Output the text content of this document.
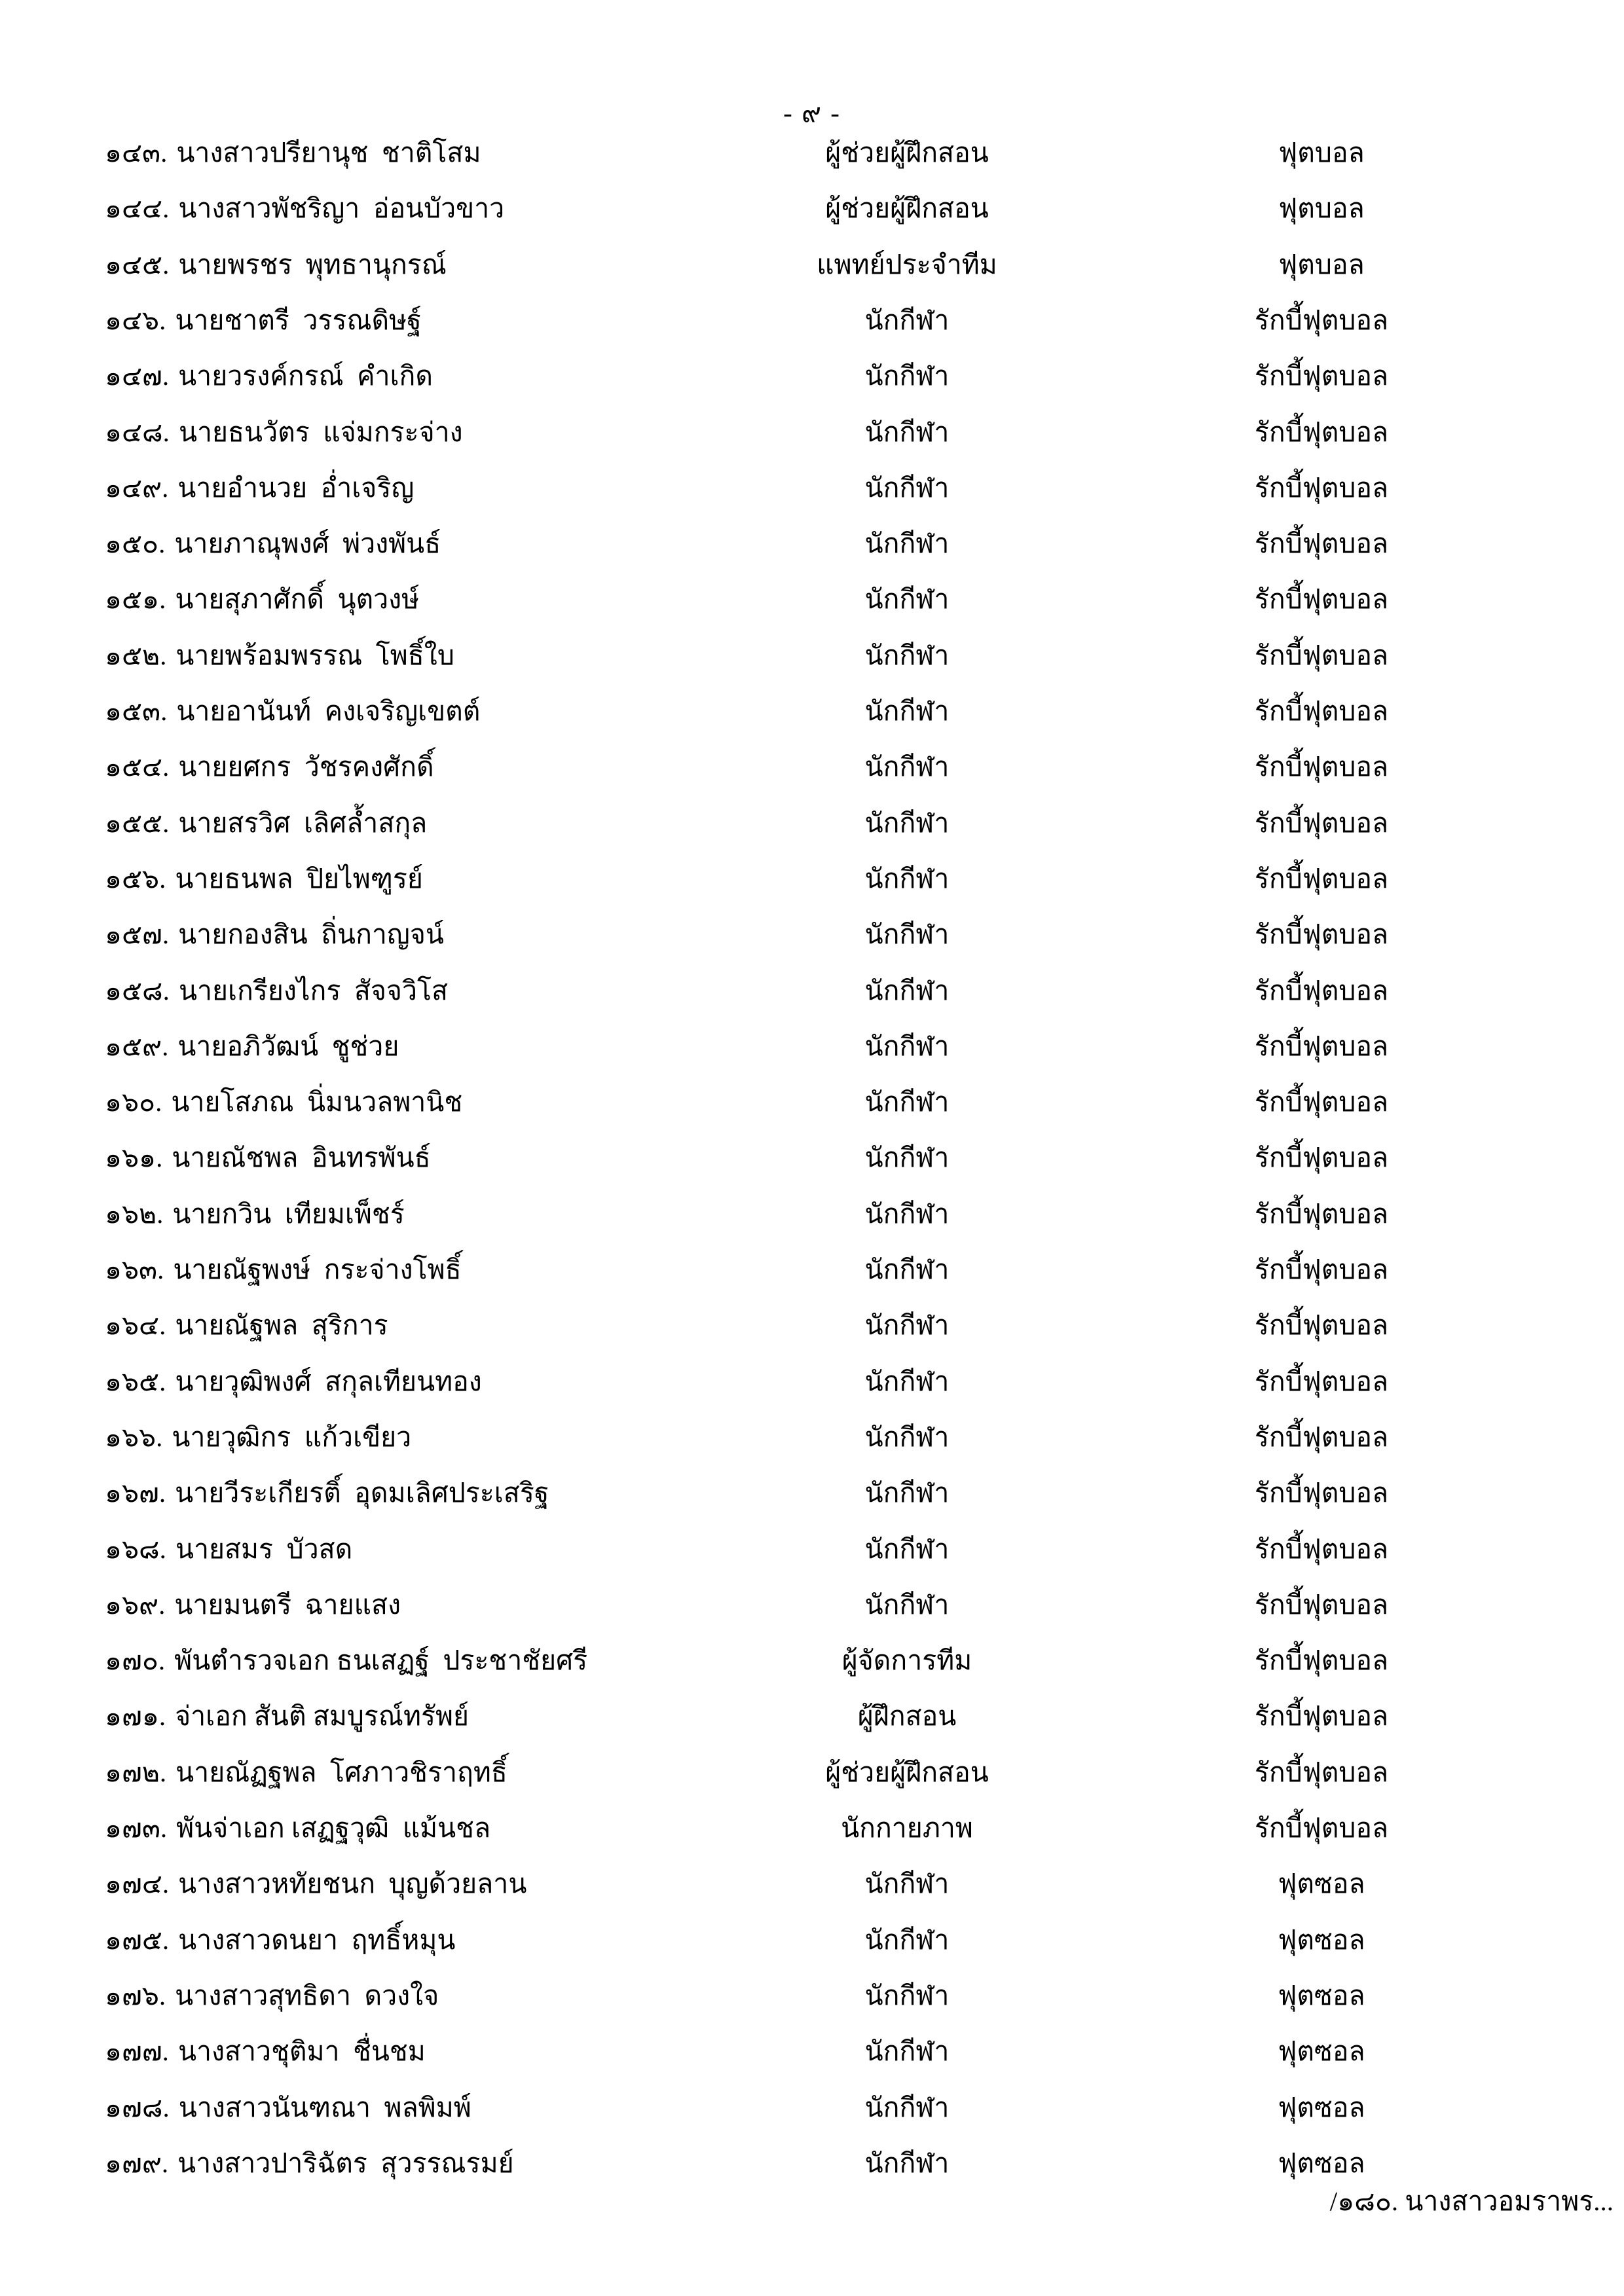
- ๙ -
๑๔๓. นางสาวปรียานุช  ชาติโสม	ผู้ช่วยผู้ฝึกสอน	ฟุตบอล
๑๔๔. นางสาวพัชริญา  อ่อนบัวขาว	ผู้ช่วยผู้ฝึกสอน	ฟุตบอล
๑๔๕. นายพรชร  พุทธานุกรณ์	แพทย์ประจำทีม	ฟุตบอล
๑๔๖. นายชาตรี  วรรณดิษฐ์	นักกีฬา	รักบี้ฟุตบอล
๑๔๗. นายวรงค์กรณ์  คำเกิด	นักกีฬา	รักบี้ฟุตบอล
๑๔๘. นายธนวัตร  แจ่มกระจ่าง	นักกีฬา	รักบี้ฟุตบอล
๑๔๙. นายอำนวย  อ่ำเจริญ	นักกีฬา	รักบี้ฟุตบอล
๑๕๐. นายภาณุพงศ์  พ่วงพันธ์	นักกีฬา	รักบี้ฟุตบอล
๑๕๑. นายสุภาศักดิ์  นุตวงษ์	นักกีฬา	รักบี้ฟุตบอล
๑๕๒. นายพร้อมพรรณ  โพธิ์ใบ	นักกีฬา	รักบี้ฟุตบอล
๑๕๓. นายอานันท์  คงเจริญเขตต์	นักกีฬา	รักบี้ฟุตบอล
๑๕๔. นายยศกร  วัชรคงศักดิ์	นักกีฬา	รักบี้ฟุตบอล
๑๕๕. นายสรวิศ  เลิศล้ำสกุล	นักกีฬา	รักบี้ฟุตบอล
๑๕๖. นายธนพล  ปิยไพฑูรย์	นักกีฬา	รักบี้ฟุตบอล
๑๕๗. นายกองสิน  ถิ่นกาญจน์	นักกีฬา	รักบี้ฟุตบอล
๑๕๘. นายเกรียงไกร  สัจจวิโส	นักกีฬา	รักบี้ฟุตบอล
๑๕๙. นายอภิวัฒน์  ชูช่วย	นักกีฬา	รักบี้ฟุตบอล
๑๖๐. นายโสภณ  นิ่มนวลพานิช	นักกีฬา	รักบี้ฟุตบอล
๑๖๑. นายณัชพล  อินทรพันธ์	นักกีฬา	รักบี้ฟุตบอล
๑๖๒. นายกวิน  เทียมเพ็ชร์	นักกีฬา	รักบี้ฟุตบอล
๑๖๓. นายณัฐพงษ์  กระจ่างโพธิ์	นักกีฬา	รักบี้ฟุตบอล
๑๖๔. นายณัฐพล  สุริการ	นักกีฬา	รักบี้ฟุตบอล
๑๖๕. นายวุฒิพงศ์  สกุลเทียนทอง	นักกีฬา	รักบี้ฟุตบอล
๑๖๖. นายวุฒิกร  แก้วเขียว	นักกีฬา	รักบี้ฟุตบอล
๑๖๗. นายวีระเกียรติ์  อุดมเลิศประเสริฐ	นักกีฬา	รักบี้ฟุตบอล
๑๖๘. นายสมร  บัวสด	นักกีฬา	รักบี้ฟุตบอล
๑๖๙. นายมนตรี  ฉายแสง	นักกีฬา	รักบี้ฟุตบอล
๑๗๐. พันตำรวจเอก ธนเสฏฐ์  ประชาชัยศรี	ผู้จัดการทีม	รักบี้ฟุตบอล
๑๗๑. จ่าเอก สันติ สมบูรณ์ทรัพย์	ผู้ฝึกสอน	รักบี้ฟุตบอล
๑๗๒. นายณัฏฐพล  โศภาวชิราฤทธิ์	ผู้ช่วยผู้ฝึกสอน	รักบี้ฟุตบอล
๑๗๓. พันจ่าเอก เสฏฐวุฒิ  แม้นชล	นักกายภาพ	รักบี้ฟุตบอล
๑๗๔. นางสาวหทัยชนก  บุญด้วยลาน	นักกีฬา	ฟุตซอล
๑๗๕. นางสาวดนยา  ฤทธิ์หมุน	นักกีฬา	ฟุตซอล
๑๗๖. นางสาวสุทธิดา  ดวงใจ	นักกีฬา	ฟุตซอล
๑๗๗. นางสาวชุติมา  ชื่นชม	นักกีฬา	ฟุตซอล
๑๗๘. นางสาวนันฑณา  พลพิมพ์	นักกีฬา	ฟุตซอล
๑๗๙. นางสาวปาริฉัตร  สุวรรณรมย์	นักกีฬา	ฟุตซอล
/๑๘๐. นางสาวอมราพร...
